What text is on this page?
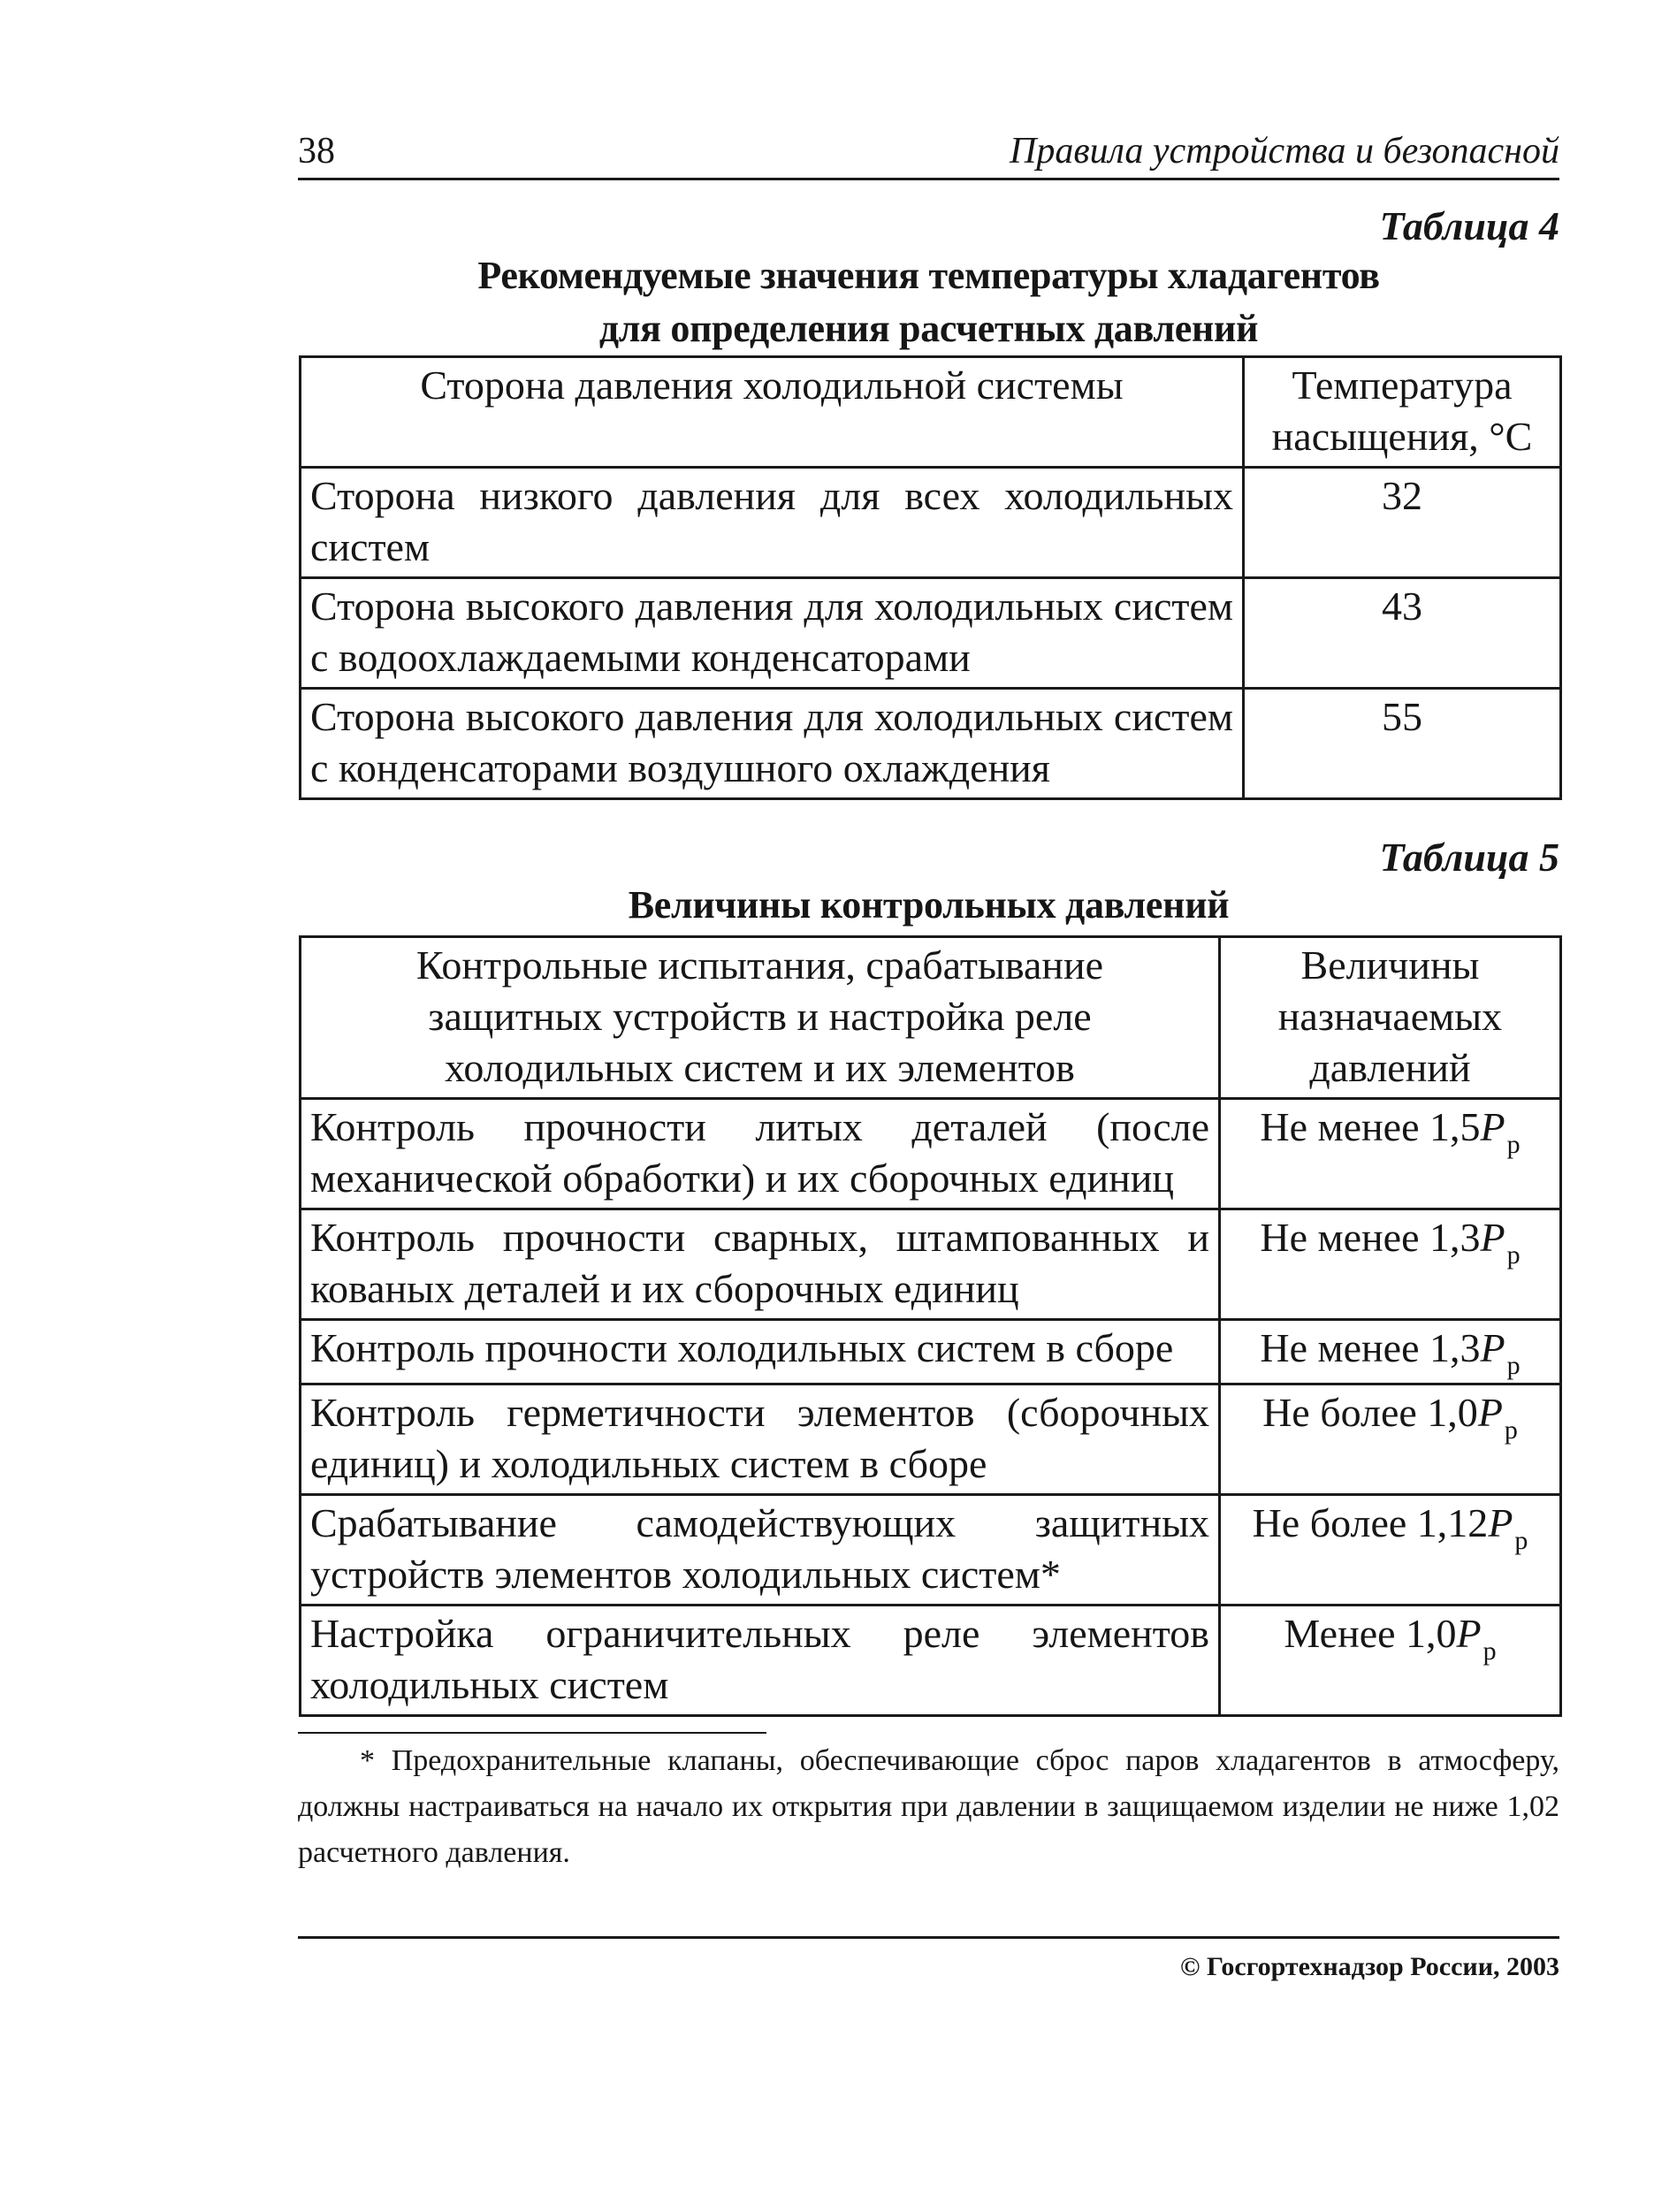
38	Правила устройства и безопасной
Таблица 4
Рекомендуемые значения температуры хладагентов
для определения расчетных давлений
Сторона давления холодильной системы	Температура насыщения, °С
Сторона низкого давления для всех холодильных систем	32
Сторона высокого давления для холодильных систем с водоохлаждаемыми конденсаторами	43
Сторона высокого давления для холодильных систем с конденсаторами воздушного охлаждения	55
Таблица 5
Величины контрольных давлений
Контрольные испытания, срабатывание защитных устройств и настройка реле холодильных систем и их элементов	Величины назначаемых давлений
Контроль прочности литых деталей (после механической обработки) и их сборочных единиц	Не менее $1,5P_р$
Контроль прочности сварных, штампованных и кованых деталей и их сборочных единиц	Не менее $1,3P_р$
Контроль прочности холодильных систем в сборе	Не менее $1,3P_р$
Контроль герметичности элементов (сборочных единиц) и холодильных систем в сборе	Не более $1,0P_р$
Срабатывание самодействующих защитных устройств элементов холодильных систем*	Не более $1,12P_р$
Настройка ограничительных реле элементов холодильных систем	Менее $1,0P_р$
* Предохранительные клапаны, обеспечивающие сброс паров хладагентов в атмосферу, должны настраиваться на начало их открытия при давлении в защищаемом изделии не ниже 1,02 расчетного давления.
© Госгортехнадзор России, 2003
